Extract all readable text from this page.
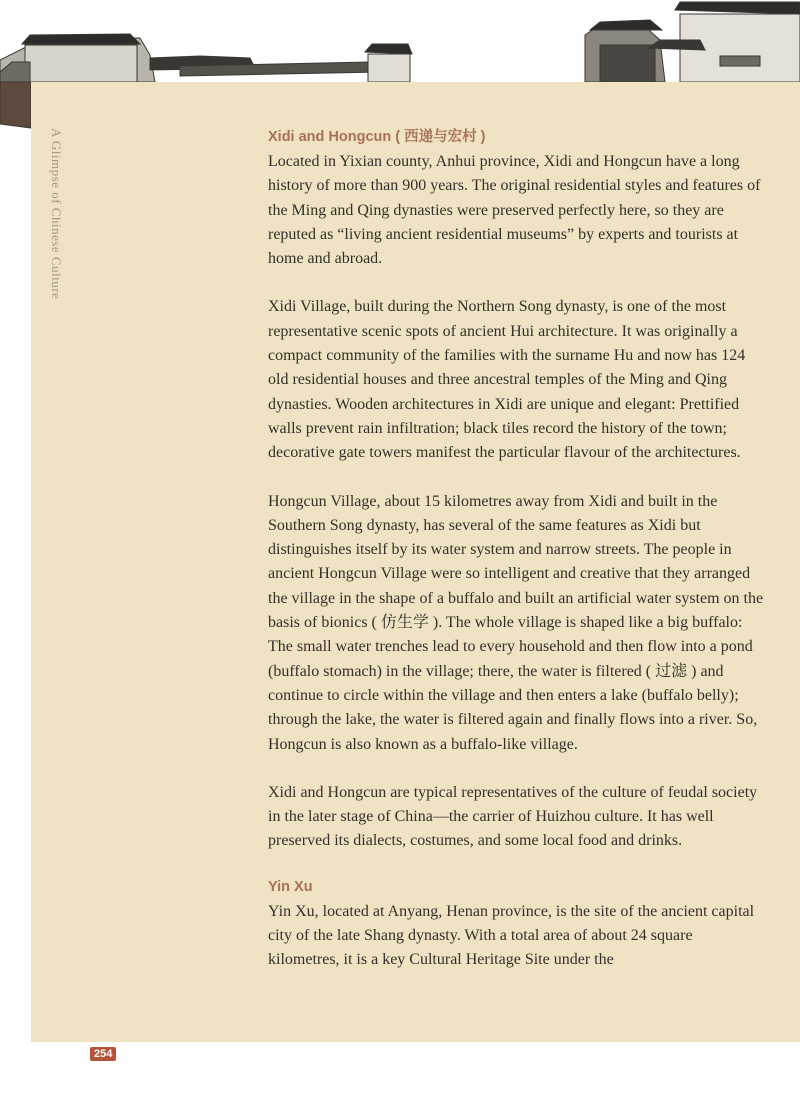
A Glimpse of Chinese Culture	Xidi and Hongcun ( 西递与宏村 )

Located in Yixian county, Anhui province, Xidi and Hongcun have a long history of more than 900 years. The original residential styles and features of the Ming and Qing dynasties were preserved perfectly here, so they are reputed as “living ancient residential museums” by experts and tourists at home and abroad.

Xidi Village, built during the Northern Song dynasty, is one of the most representative scenic spots of ancient Hui architecture. It was originally a compact community of the families with the surname Hu and now has 124 old residential houses and three ancestral temples of the Ming and Qing dynasties. Wooden architectures in Xidi are unique and elegant: Prettified walls prevent rain infiltration; black tiles record the history of the town; decorative gate towers manifest the particular flavour of the architectures.

Hongcun Village, about 15 kilometres away from Xidi and built in the Southern Song dynasty, has several of the same features as Xidi but distinguishes itself by its water system and narrow streets. The people in ancient Hongcun Village were so intelligent and creative that they arranged the village in the shape of a buffalo and built an artificial water system on the basis of bionics ( 仿生学 ). The whole village is shaped like a big buffalo: The small water trenches lead to every household and then flow into a pond (buffalo stomach) in the village; there, the water is filtered ( 过滤 ) and continue to circle within the village and then enters a lake (buffalo belly); through the lake, the water is filtered again and finally flows into a river. So, Hongcun is also known as a buffalo-like village.

Xidi and Hongcun are typical representatives of the culture of feudal society in the later stage of China—the carrier of Huizhou culture. It has well preserved its dialects, costumes, and some local food and drinks.

Yin Xu

Yin Xu, located at Anyang, Henan province, is the site of the ancient capital city of the late Shang dynasty. With a total area of about 24 square kilometres, it is a key Cultural Heritage Site under the

254
